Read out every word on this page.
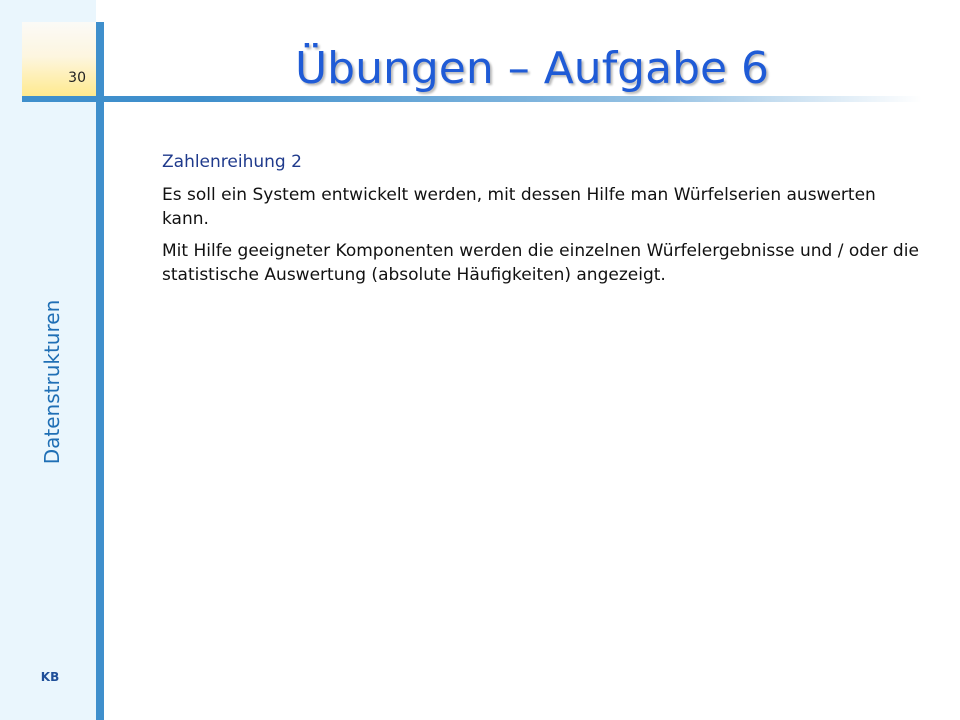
30
Datenstrukturen
KB
Übungen – Aufgabe 6

Zahlenreihung 2

Es soll ein System entwickelt werden, mit dessen Hilfe man Würfelserien auswerten kann.

Mit Hilfe geeigneter Komponenten werden die einzelnen Würfelergebnisse und / oder die statistische Auswertung (absolute Häufigkeiten) angezeigt.
